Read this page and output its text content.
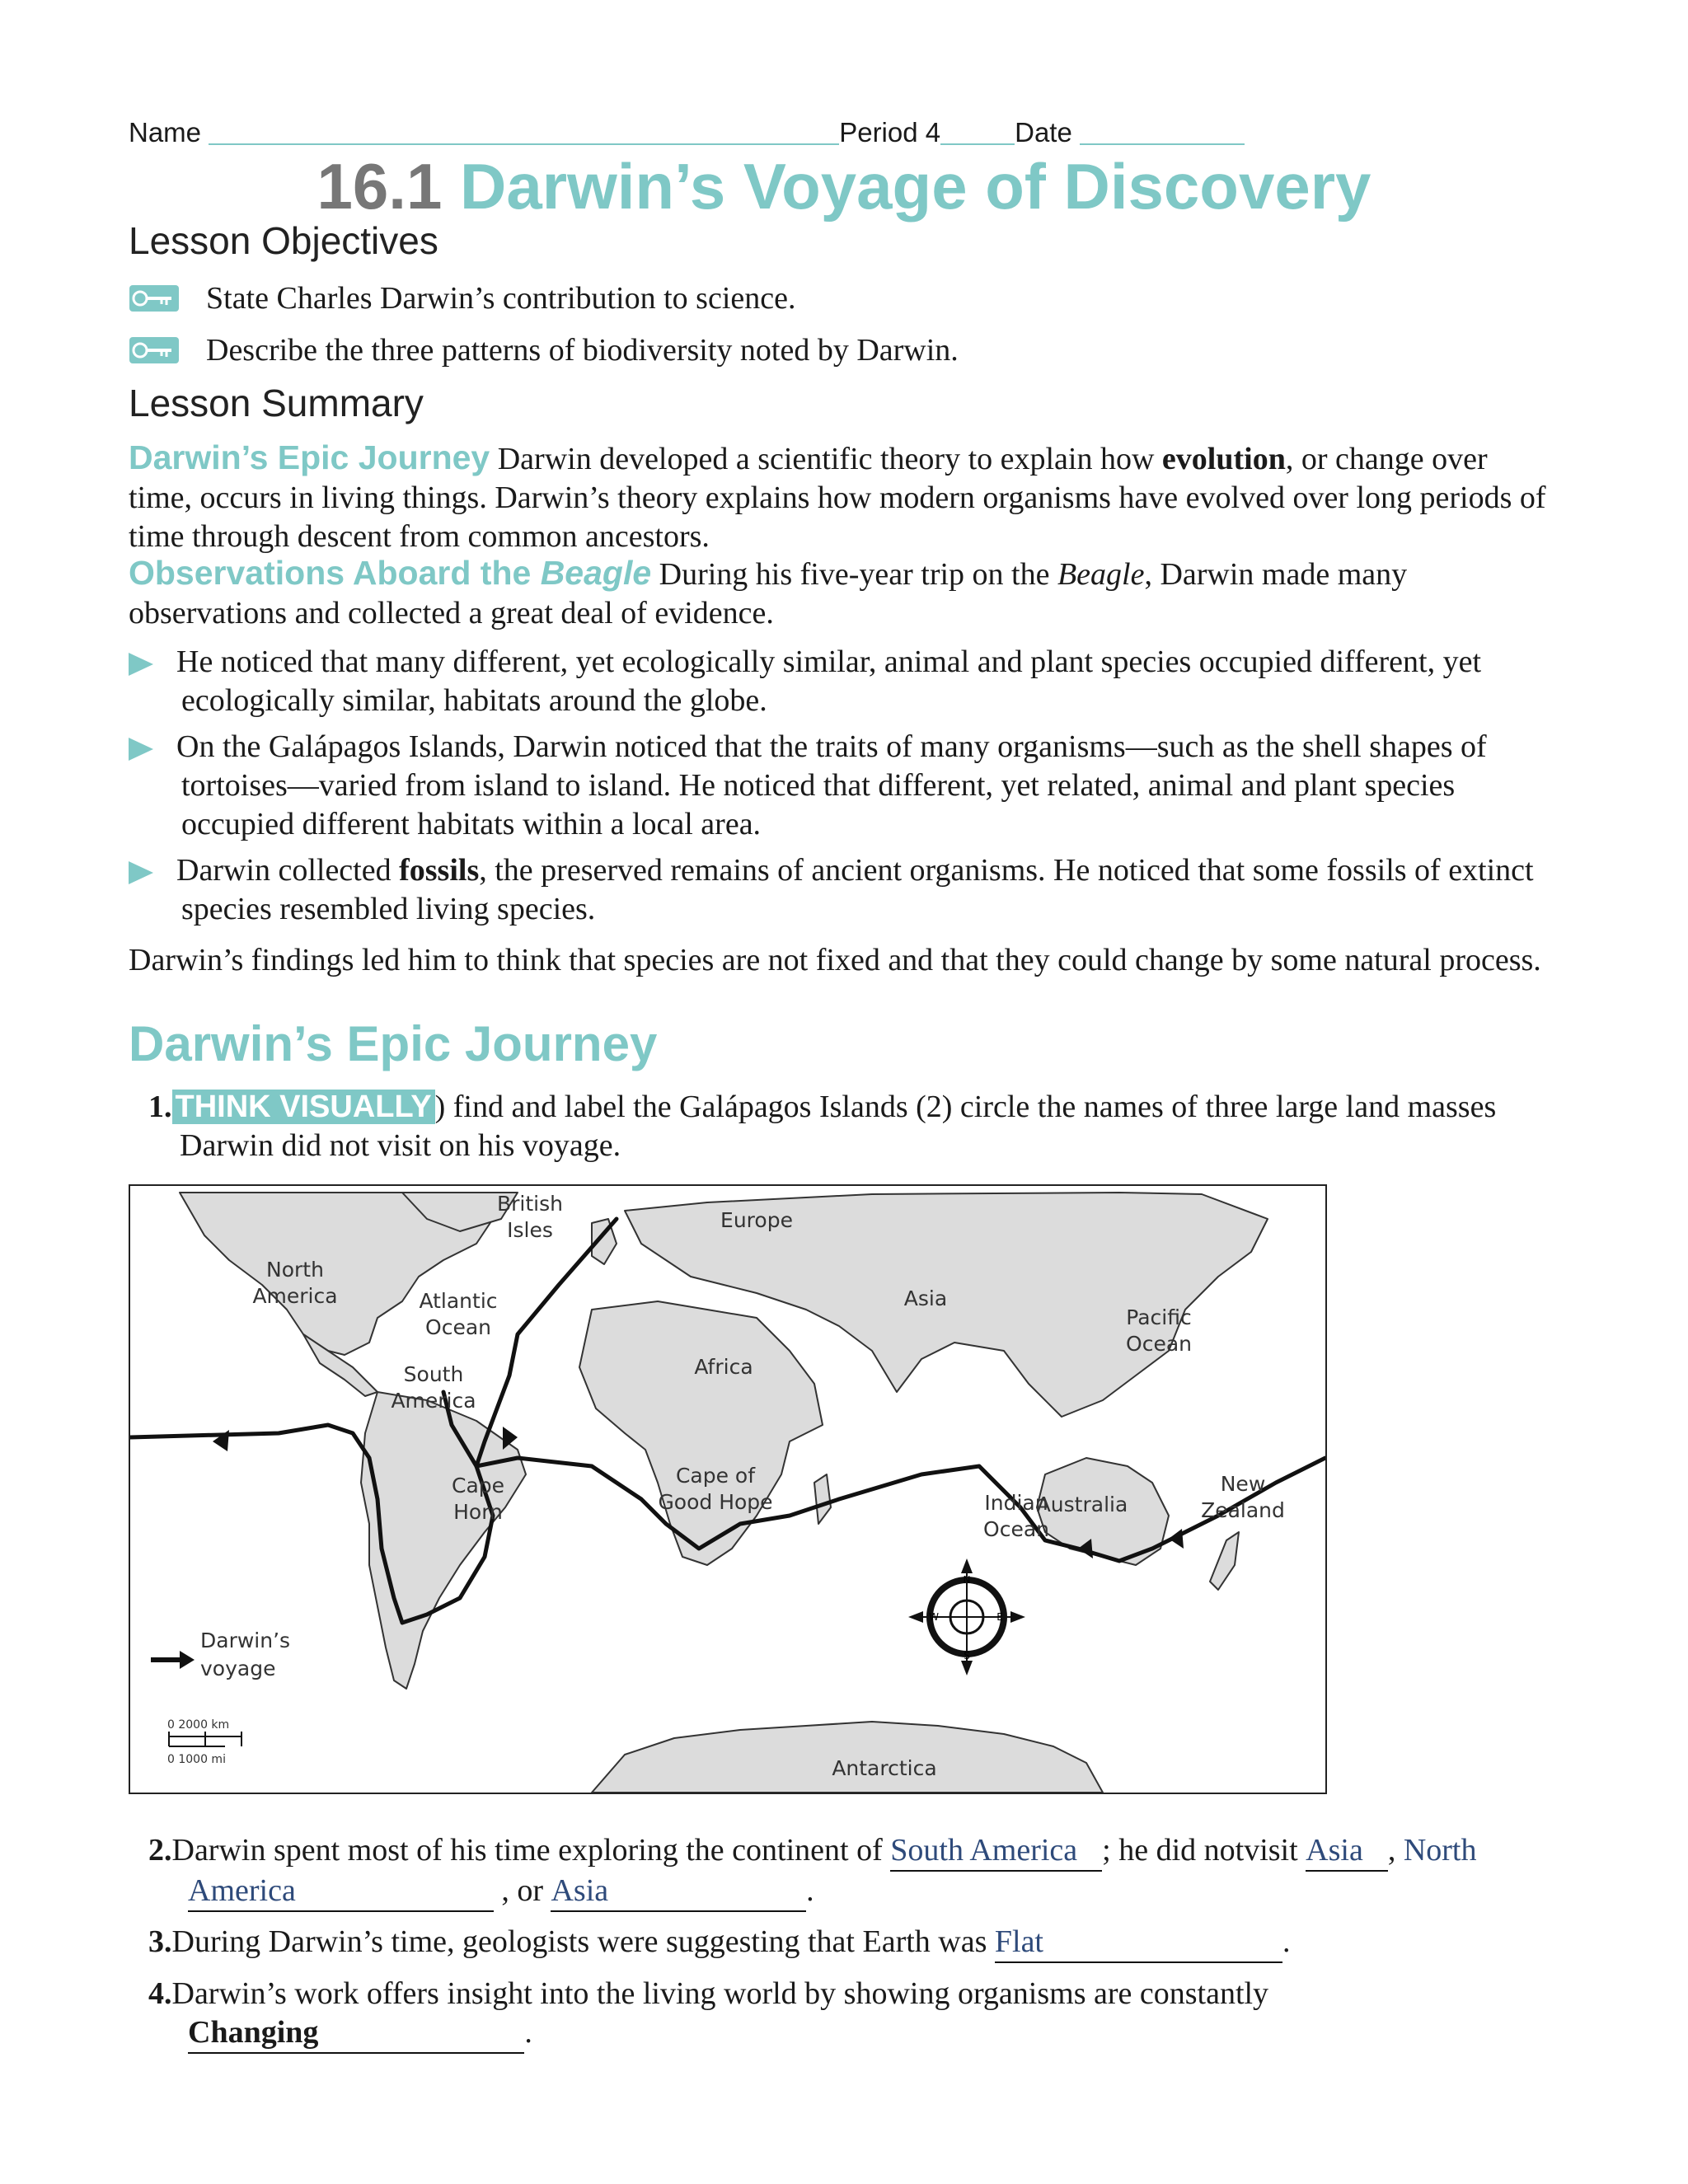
Name	Period 4	Date
16.1 Darwin’s Voyage of Discovery
Lesson Objectives
State Charles Darwin’s contribution to science.
Describe the three patterns of biodiversity noted by Darwin.
Lesson Summary
Darwin’s Epic Journey Darwin developed a scientific theory to explain how evolution, or change over time, occurs in living things. Darwin’s theory explains how modern organisms have evolved over long periods of time through descent from common ancestors.
Observations Aboard the Beagle During his five-year trip on the Beagle, Darwin made many observations and collected a great deal of evidence.
He noticed that many different, yet ecologically similar, animal and plant species occupied different, yet
ecologically similar, habitats around the globe.
On the Galápagos Islands, Darwin noticed that the traits of many organisms—such as the shell shapes of
tortoises—varied from island to island. He noticed that different, yet related, animal and plant species
occupied different habitats within a local area.
Darwin collected fossils, the preserved remains of ancient organisms. He noticed that some fossils of extinct
species resembled living species.
Darwin’s findings led him to think that species are not fixed and that they could change by some natural process.
Darwin’s Epic Journey
1. THINK VISUALLY ) find and label the Galápagos Islands (2) circle the names of three large land masses
Darwin did not visit on his voyage.
N
S
E
W
Darwin’s
voyage
0 2000 km
0 1000 mi
British
Isles	Europe
North
America	Atlantic
Ocean
Asia
Pacific
Ocean
Africa
South
America
Australia
Cape
Horn
Cape of
Good Hope	Indian
Ocean
New
Zealand
Antarctica
2.Darwin spent most of his time exploring the continent of South America ; he did notvisit Asia , North
America	, or Asia	.
3.During Darwin’s time, geologists were suggesting that Earth was Flat	.
4.Darwin’s work offers insight into the living world by showing organisms are constantly
Changing	.
